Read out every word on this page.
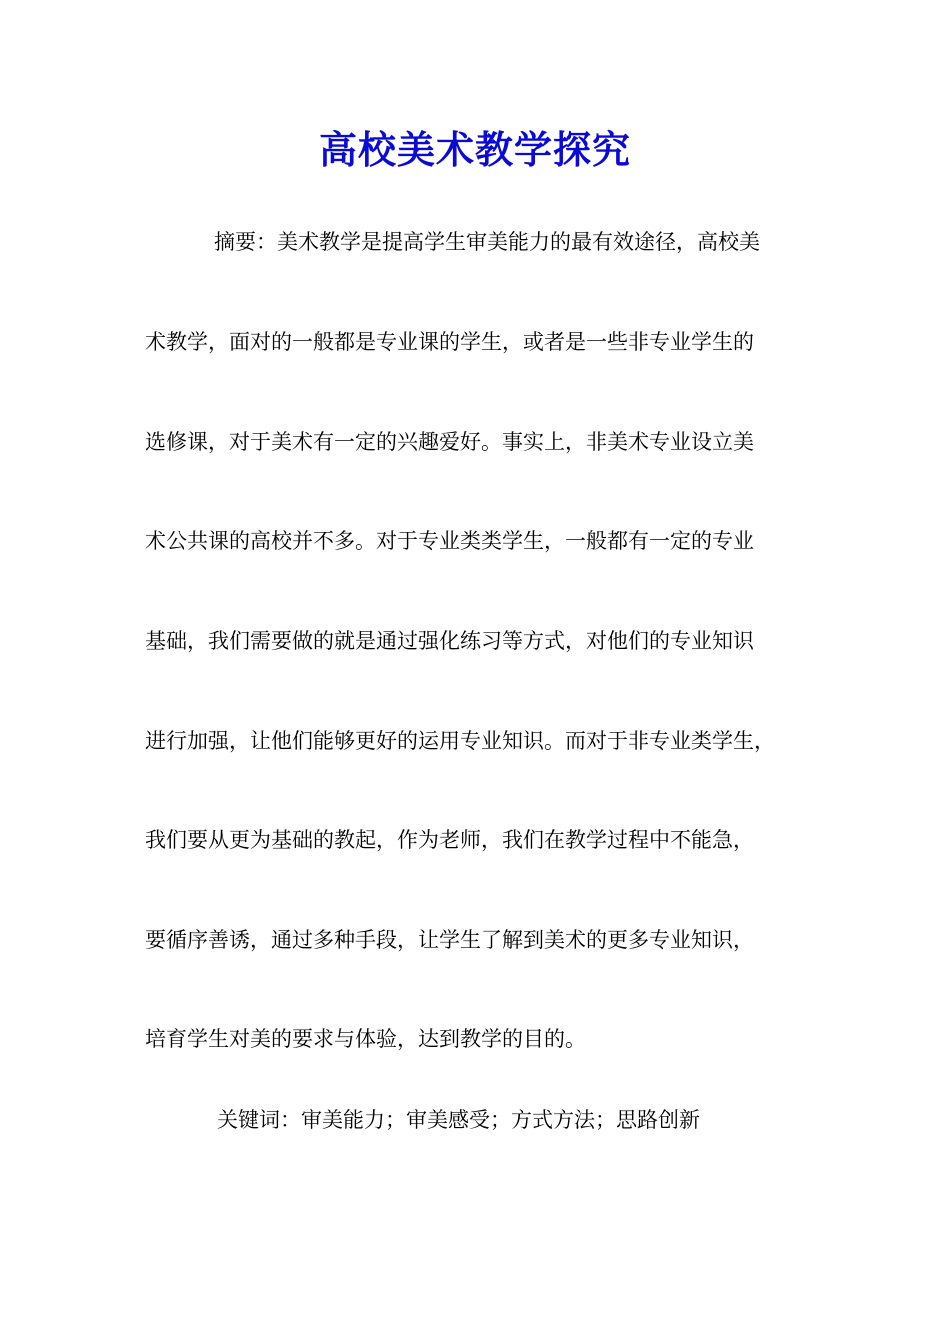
高校美术教学探究
摘要：美术教学是提高学生审美能力的最有效途径，高校美
术教学，面对的一般都是专业课的学生，或者是一些非专业学生的
选修课，对于美术有一定的兴趣爱好。事实上，非美术专业设立美
术公共课的高校并不多。对于专业类类学生，一般都有一定的专业
基础，我们需要做的就是通过强化练习等方式，对他们的专业知识
进行加强，让他们能够更好的运用专业知识。而对于非专业类学生，
我们要从更为基础的教起，作为老师，我们在教学过程中不能急，
要循序善诱，通过多种手段，让学生了解到美术的更多专业知识，
培育学生对美的要求与体验，达到教学的目的。
关键词：审美能力；审美感受；方式方法；思路创新
